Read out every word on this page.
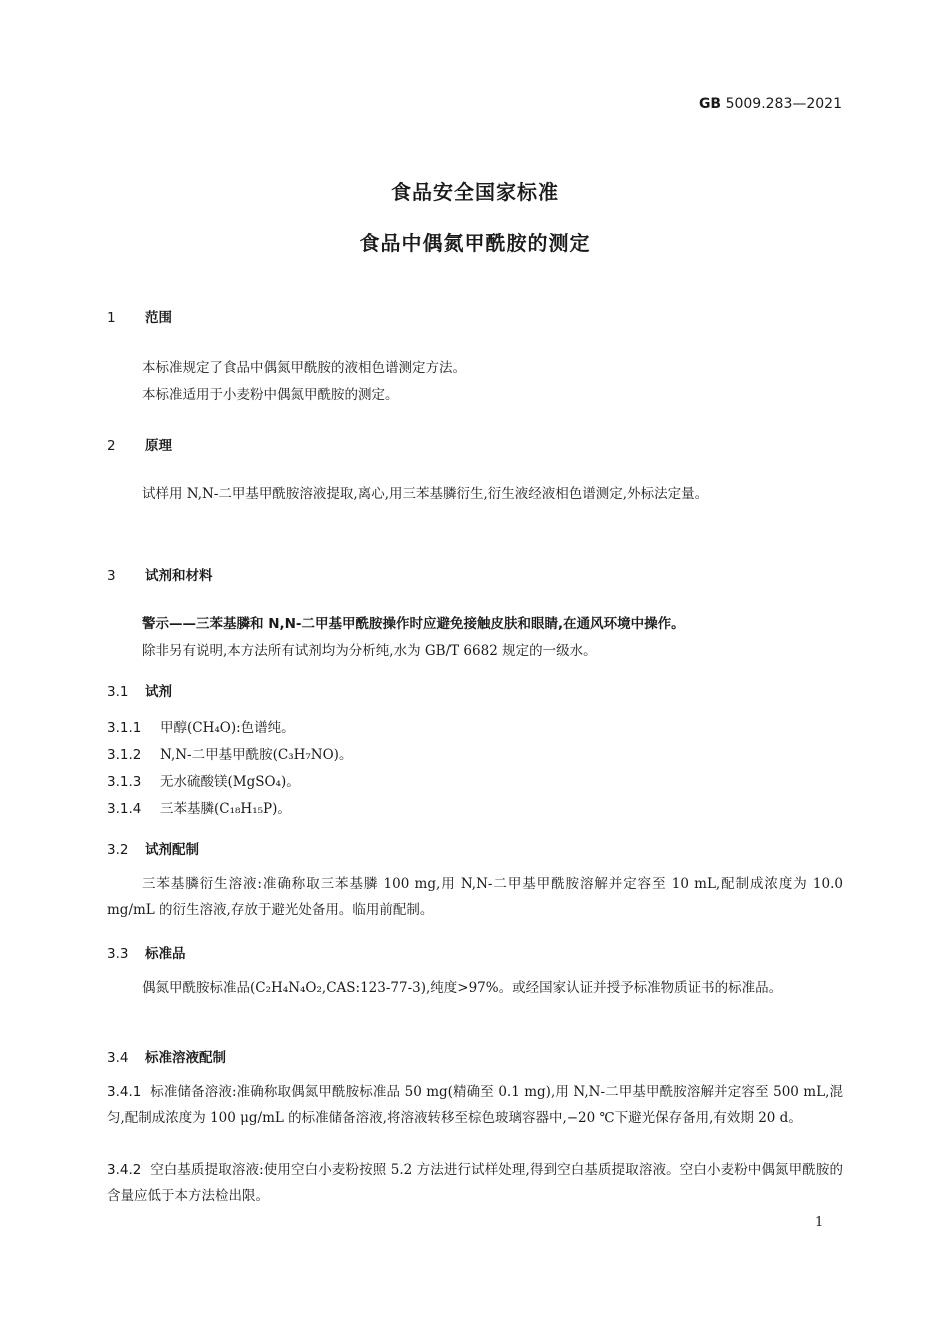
GB 5009.283—2021
食品安全国家标准
食品中偶氮甲酰胺的测定
1 范围
本标准规定了食品中偶氮甲酰胺的液相色谱测定方法。
本标准适用于小麦粉中偶氮甲酰胺的测定。
2 原理
试样用 N,N-二甲基甲酰胺溶液提取,离心,用三苯基膦衍生,衍生液经液相色谱测定,外标法定量。
3 试剂和材料
警示——三苯基膦和 N,N-二甲基甲酰胺操作时应避免接触皮肤和眼睛,在通风环境中操作。
除非另有说明,本方法所有试剂均为分析纯,水为 GB/T 6682 规定的一级水。
3.1 试剂
3.1.1 甲醇(CH₄O):色谱纯。
3.1.2 N,N-二甲基甲酰胺(C₃H₇NO)。
3.1.3 无水硫酸镁(MgSO₄)。
3.1.4 三苯基膦(C₁₈H₁₅P)。
3.2 试剂配制
三苯基膦衍生溶液:准确称取三苯基膦 100 mg,用 N,N-二甲基甲酰胺溶解并定容至 10 mL,配制成浓度为 10.0 mg/mL 的衍生溶液,存放于避光处备用。临用前配制。
3.3 标准品
偶氮甲酰胺标准品(C₂H₄N₄O₂,CAS:123-77-3),纯度>97%。或经国家认证并授予标准物质证书的标准品。
3.4 标准溶液配制
3.4.1 标准储备溶液:准确称取偶氮甲酰胺标准品 50 mg(精确至 0.1 mg),用 N,N-二甲基甲酰胺溶解并定容至 500 mL,混匀,配制成浓度为 100 μg/mL 的标准储备溶液,将溶液转移至棕色玻璃容器中,−20 ℃下避光保存备用,有效期 20 d。
3.4.2 空白基质提取溶液:使用空白小麦粉按照 5.2 方法进行试样处理,得到空白基质提取溶液。空白小麦粉中偶氮甲酰胺的含量应低于本方法检出限。
1
